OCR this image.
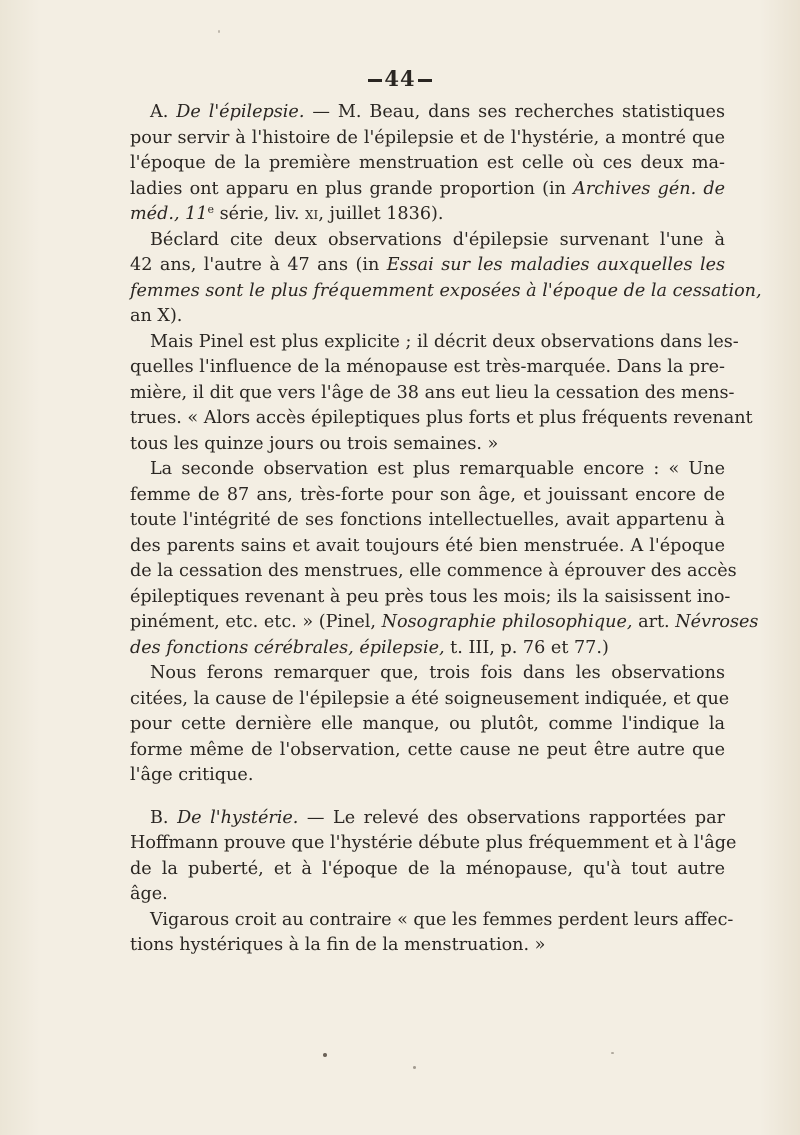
44
A. De l'épilepsie. — M. Beau, dans ses recherches statistiques
pour servir à l'histoire de l'épilepsie et de l'hystérie, a montré que
l'époque de la première menstruation est celle où ces deux ma-
ladies ont apparu en plus grande proportion (in Archives gén. de
méd., 11e série, liv. xi, juillet 1836).
Béclard cite deux observations d'épilepsie survenant l'une à
42 ans, l'autre à 47 ans (in Essai sur les maladies auxquelles les
femmes sont le plus fréquemment exposées à l'époque de la cessation,
an X).
Mais Pinel est plus explicite ; il décrit deux observations dans les-
quelles l'influence de la ménopause est très-marquée. Dans la pre-
mière, il dit que vers l'âge de 38 ans eut lieu la cessation des mens-
trues. « Alors accès épileptiques plus forts et plus fréquents revenant
tous les quinze jours ou trois semaines. »
La seconde observation est plus remarquable encore : « Une
femme de 87 ans, très-forte pour son âge, et jouissant encore de
toute l'intégrité de ses fonctions intellectuelles, avait appartenu à
des parents sains et avait toujours été bien menstruée. A l'époque
de la cessation des menstrues, elle commence à éprouver des accès
épileptiques revenant à peu près tous les mois; ils la saisissent ino-
pinément, etc. etc. » (Pinel, Nosographie philosophique, art. Névroses
des fonctions cérébrales, épilepsie, t. III, p. 76 et 77.)
Nous ferons remarquer que, trois fois dans les observations
citées, la cause de l'épilepsie a été soigneusement indiquée, et que
pour cette dernière elle manque, ou plutôt, comme l'indique la
forme même de l'observation, cette cause ne peut être autre que
l'âge critique.
B. De l'hystérie. — Le relevé des observations rapportées par
Hoffmann prouve que l'hystérie débute plus fréquemment et à l'âge
de la puberté, et à l'époque de la ménopause, qu'à tout autre
âge.
Vigarous croit au contraire « que les femmes perdent leurs affec-
tions hystériques à la fin de la menstruation. »
